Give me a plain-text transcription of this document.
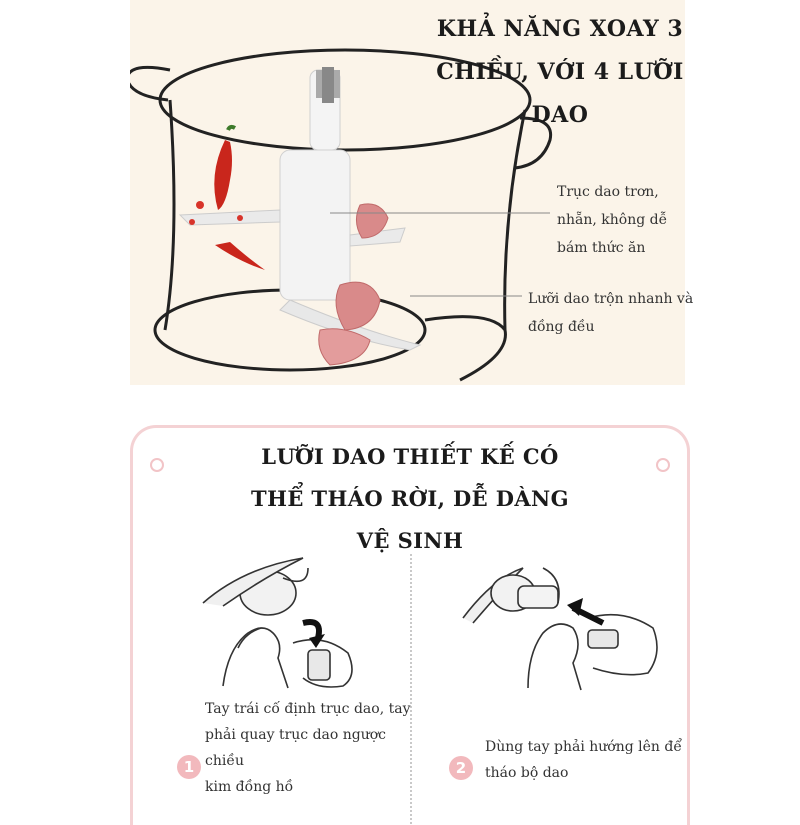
KHẢ NĂNG XOAY 3
CHIỀU, VỚI 4 LƯỠI
DAO
Trục dao trơn,
nhẵn, không dễ
bám thức ăn
Lưỡi dao trộn nhanh và
đồng đều
LƯỠI DAO THIẾT KẾ CÓ
THỂ THÁO RỜI, DỄ DÀNG
VỆ SINH
1
Tay trái cố định trục dao, tay
phải quay trục dao ngược chiều
kim đồng hồ
2
Dùng tay phải hướng lên để
tháo bộ dao
